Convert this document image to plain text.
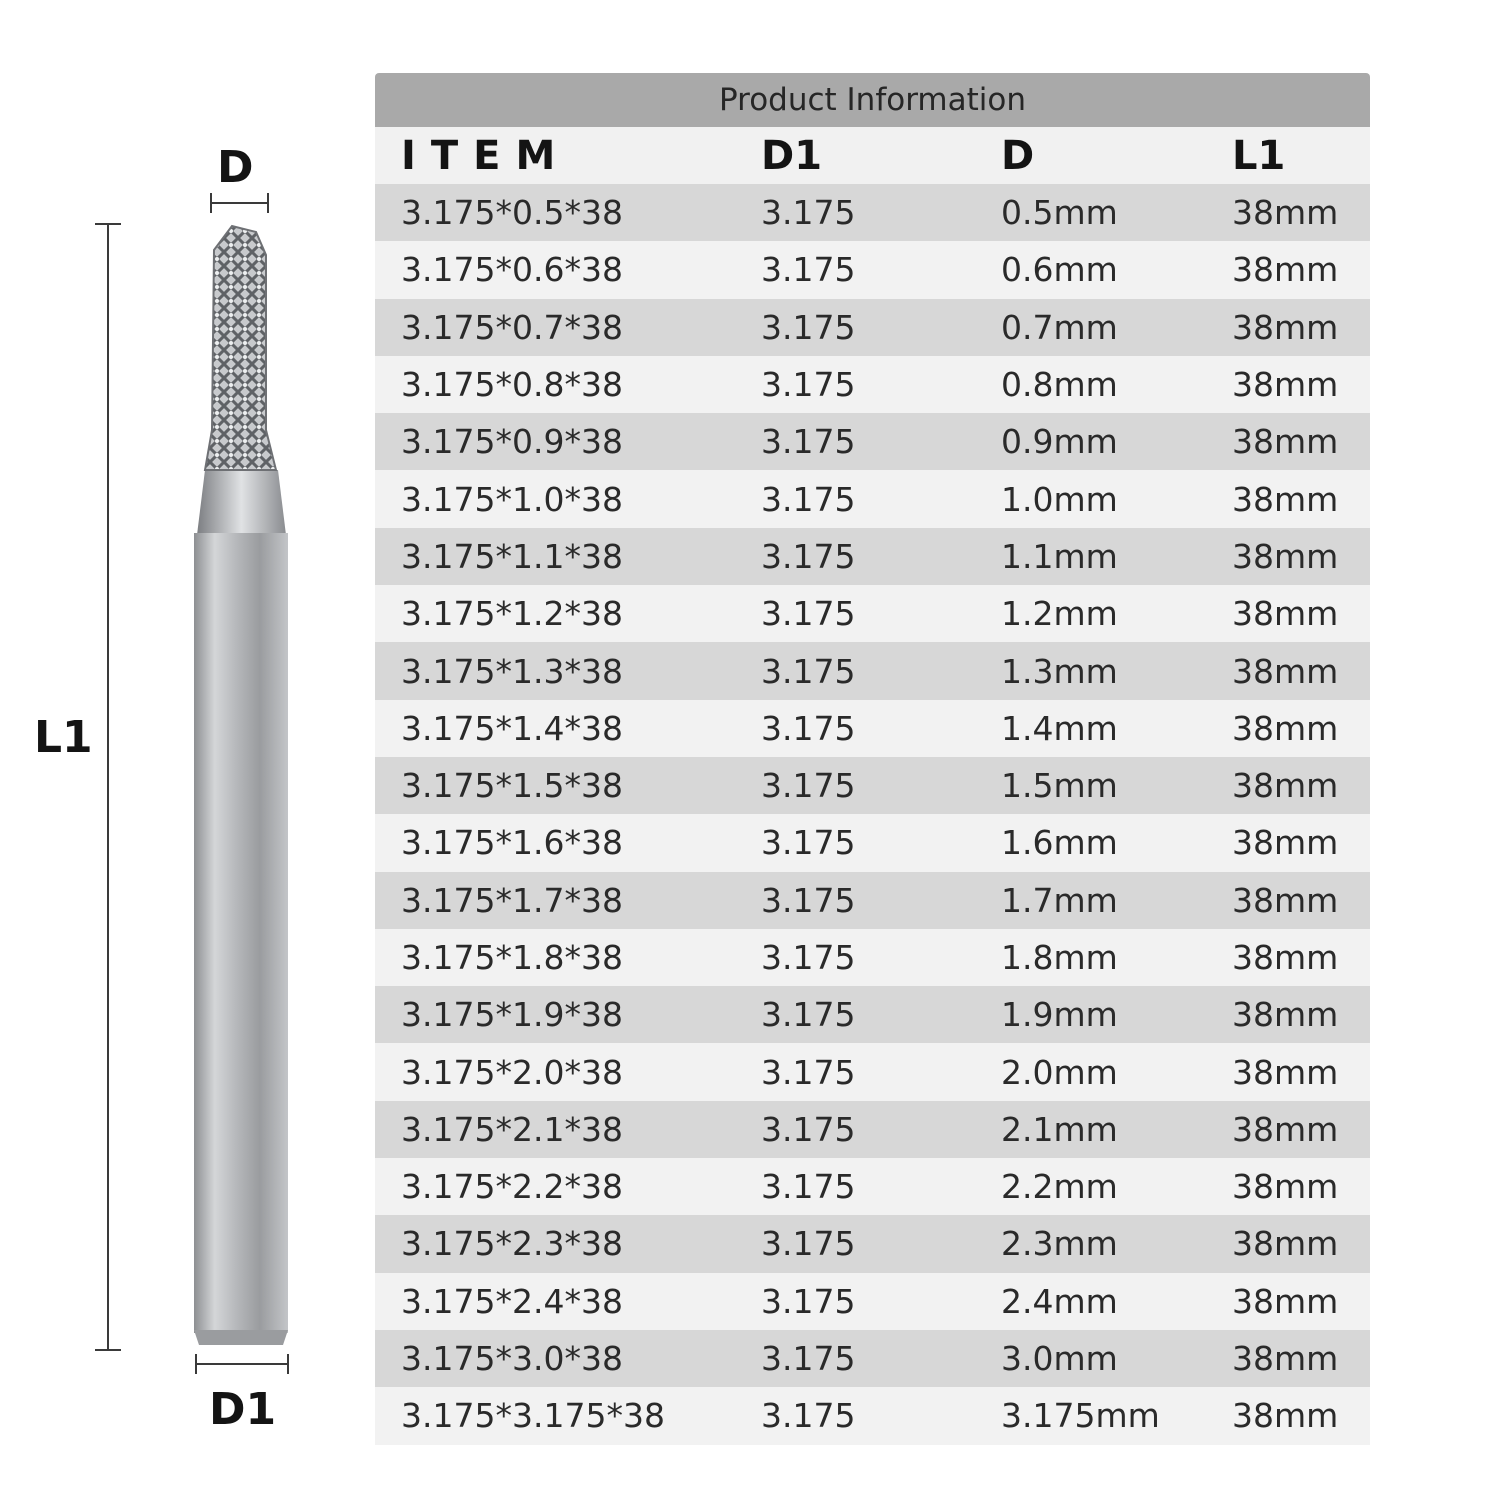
D
L1
D1
Product Information
ITEM	D1	D	L1
3.175*0.5*38	3.175	0.5mm	38mm
3.175*0.6*38	3.175	0.6mm	38mm
3.175*0.7*38	3.175	0.7mm	38mm
3.175*0.8*38	3.175	0.8mm	38mm
3.175*0.9*38	3.175	0.9mm	38mm
3.175*1.0*38	3.175	1.0mm	38mm
3.175*1.1*38	3.175	1.1mm	38mm
3.175*1.2*38	3.175	1.2mm	38mm
3.175*1.3*38	3.175	1.3mm	38mm
3.175*1.4*38	3.175	1.4mm	38mm
3.175*1.5*38	3.175	1.5mm	38mm
3.175*1.6*38	3.175	1.6mm	38mm
3.175*1.7*38	3.175	1.7mm	38mm
3.175*1.8*38	3.175	1.8mm	38mm
3.175*1.9*38	3.175	1.9mm	38mm
3.175*2.0*38	3.175	2.0mm	38mm
3.175*2.1*38	3.175	2.1mm	38mm
3.175*2.2*38	3.175	2.2mm	38mm
3.175*2.3*38	3.175	2.3mm	38mm
3.175*2.4*38	3.175	2.4mm	38mm
3.175*3.0*38	3.175	3.0mm	38mm
3.175*3.175*38	3.175	3.175mm 38mm
